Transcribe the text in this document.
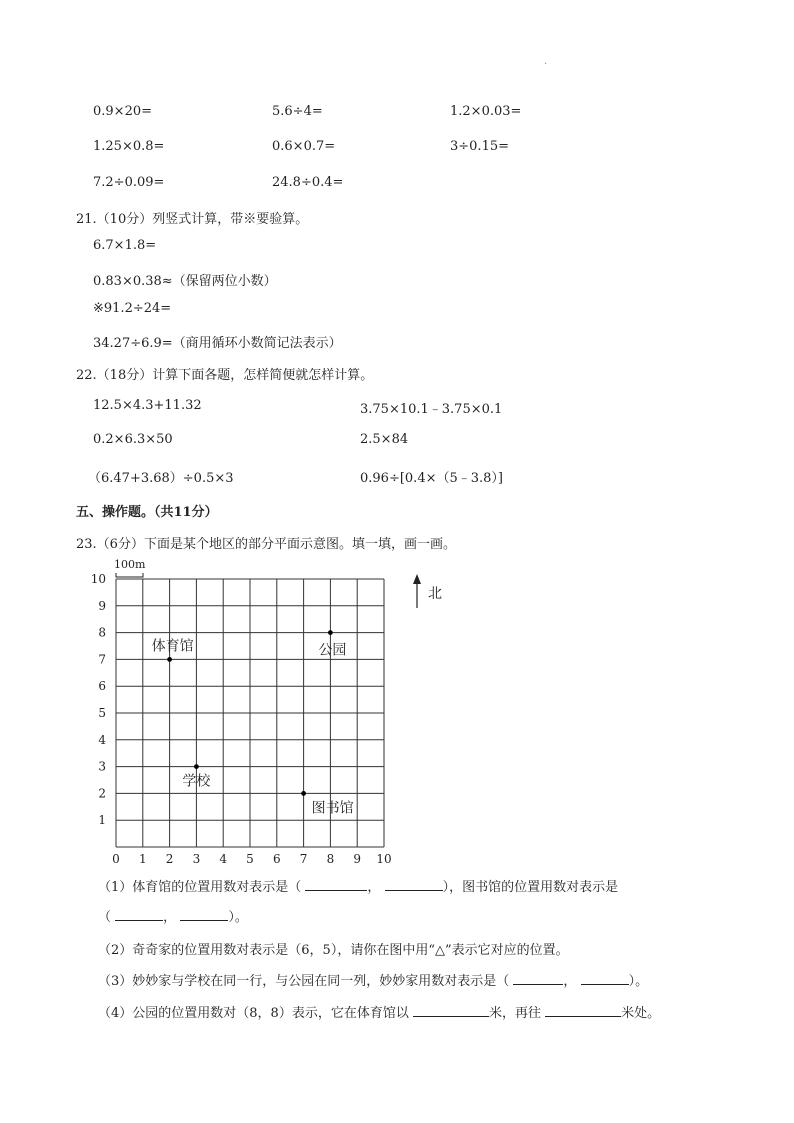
.
0.9×20=	5.6÷4=	1.2×0.03=
1.25×0.8=	0.6×0.7=	3÷0.15=
7.2÷0.09=	24.8÷0.4=
21.（10分）列竖式计算，带※要验算。
6.7×1.8=
0.83×0.38≈（保留两位小数）
※91.2÷24=
34.27÷6.9=（商用循环小数简记法表示）
22.（18分）计算下面各题，怎样简便就怎样计算。
12.5×4.3+11.32	3.75×10.1﹣3.75×0.1
0.2×6.3×50	2.5×84
（6.47+3.68）÷0.5×3	0.96÷[0.4×（5﹣3.8）]
五、操作题。（共11分）
23.（6分）下面是某个地区的部分平面示意图。填一填，画一画。
0 1 2 3 4 5 6 7 8 9 10
1
2
3
4
5
6
7
8
9
10
体育馆	公园
学校
图书馆
100m
北
（1）体育馆的位置用数对表示是（	，	），图书馆的位置用数对表示是
（	，	）。
（2）奇奇家的位置用数对表示是（6，5），请你在图中用“△”表示它对应的位置。
（3）妙妙家与学校在同一行，与公园在同一列，妙妙家用数对表示是（	，	）。
（4）公园的位置用数对（8，8）表示，它在体育馆以	米，再往	米处。
